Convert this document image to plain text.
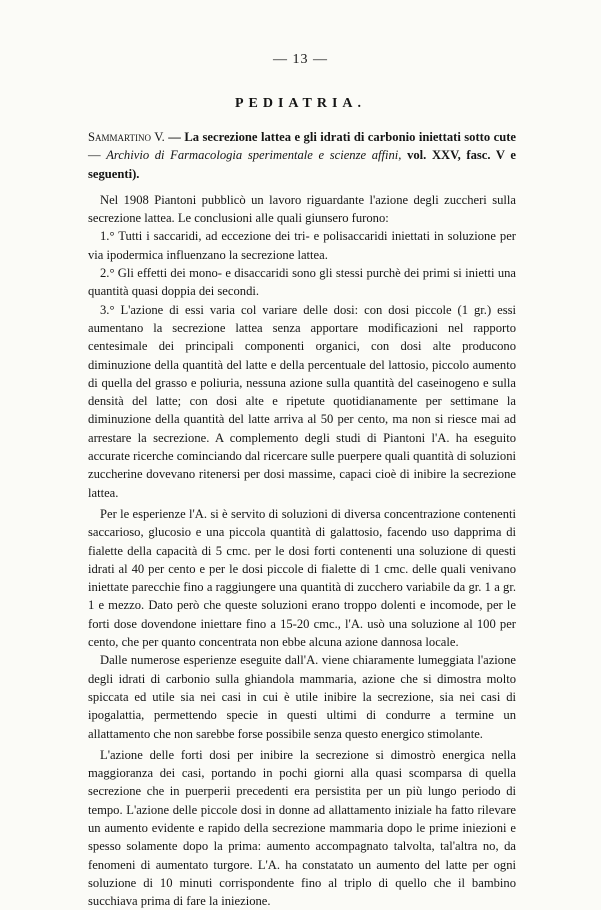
— 13 —
PEDIATRIA.

Sammartino V. — La secrezione lattea e gli idrati di carbonio iniettati sotto cute — Archivio di Farmacologia sperimentale e scienze affini, vol. XXV, fasc. V e seguenti).

Nel 1908 Piantoni pubblicò un lavoro riguardante l'azione degli zuccheri sulla secrezione lattea. Le conclusioni alle quali giunsero furono:

1.° Tutti i saccaridi, ad eccezione dei tri- e polisaccaridi iniettati in soluzione per via ipodermica influenzano la secrezione lattea.

2.° Gli effetti dei mono- e disaccaridi sono gli stessi purchè dei primi si inietti una quantità quasi doppia dei secondi.

3.° L'azione di essi varia col variare delle dosi: con dosi piccole (1 gr.) essi aumentano la secrezione lattea senza apportare modificazioni nel rapporto centesimale dei principali componenti organici, con dosi alte producono diminuzione della quantità del latte e della percentuale del lattosio, piccolo aumento di quella del grasso e poliuria, nessuna azione sulla quantità del caseinogeno e sulla densità del latte; con dosi alte e ripetute quotidianamente per settimane la diminuzione della quantità del latte arriva al 50 per cento, ma non si riesce mai ad arrestare la secrezione. A complemento degli studi di Piantoni l'A. ha eseguito accurate ricerche cominciando dal ricercare sulle puerpere quali quantità di soluzioni zuccherine dovevano ritenersi per dosi massime, capaci cioè di inibire la secrezione lattea.

Per le esperienze l'A. si è servito di soluzioni di diversa concentrazione contenenti saccarioso, glucosio e una piccola quantità di galattosio, facendo uso dapprima di fialette della capacità di 5 cmc. per le dosi forti contenenti una soluzione di questi idrati al 40 per cento e per le dosi piccole di fialette di 1 cmc. delle quali venivano iniettate parecchie fino a raggiungere una quantità di zucchero variabile da gr. 1 a gr. 1 e mezzo. Dato però che queste soluzioni erano troppo dolenti e incomode, per le forti dose dovendone iniettare fino a 15-20 cmc., l'A. usò una soluzione al 100 per cento, che per quanto concentrata non ebbe alcuna azione dannosa locale.

Dalle numerose esperienze eseguite dall'A. viene chiaramente lumeggiata l'azione degli idrati di carbonio sulla ghiandola mammaria, azione che si dimostra molto spiccata ed utile sia nei casi in cui è utile inibire la secrezione, sia nei casi di ipogalattia, permettendo specie in questi ultimi di condurre a termine un allattamento che non sarebbe forse possibile senza questo energico stimolante.

L'azione delle forti dosi per inibire la secrezione si dimostrò energica nella maggioranza dei casi, portando in pochi giorni alla quasi scomparsa di quella secrezione che in puerperii precedenti era persistita per un più lungo periodo di tempo. L'azione delle piccole dosi in donne ad allattamento iniziale ha fatto rilevare un aumento evidente e rapido della secrezione mammaria dopo le prime iniezioni e spesso solamente dopo la prima: aumento accompagnato talvolta, tal'altra no, da fenomeni di aumentato turgore. L'A. ha constatato un aumento del latte per ogni soluzione di 10 minuti corrispondente fino al triplo di quello che il bambino succhiava prima di fare la iniezione.
